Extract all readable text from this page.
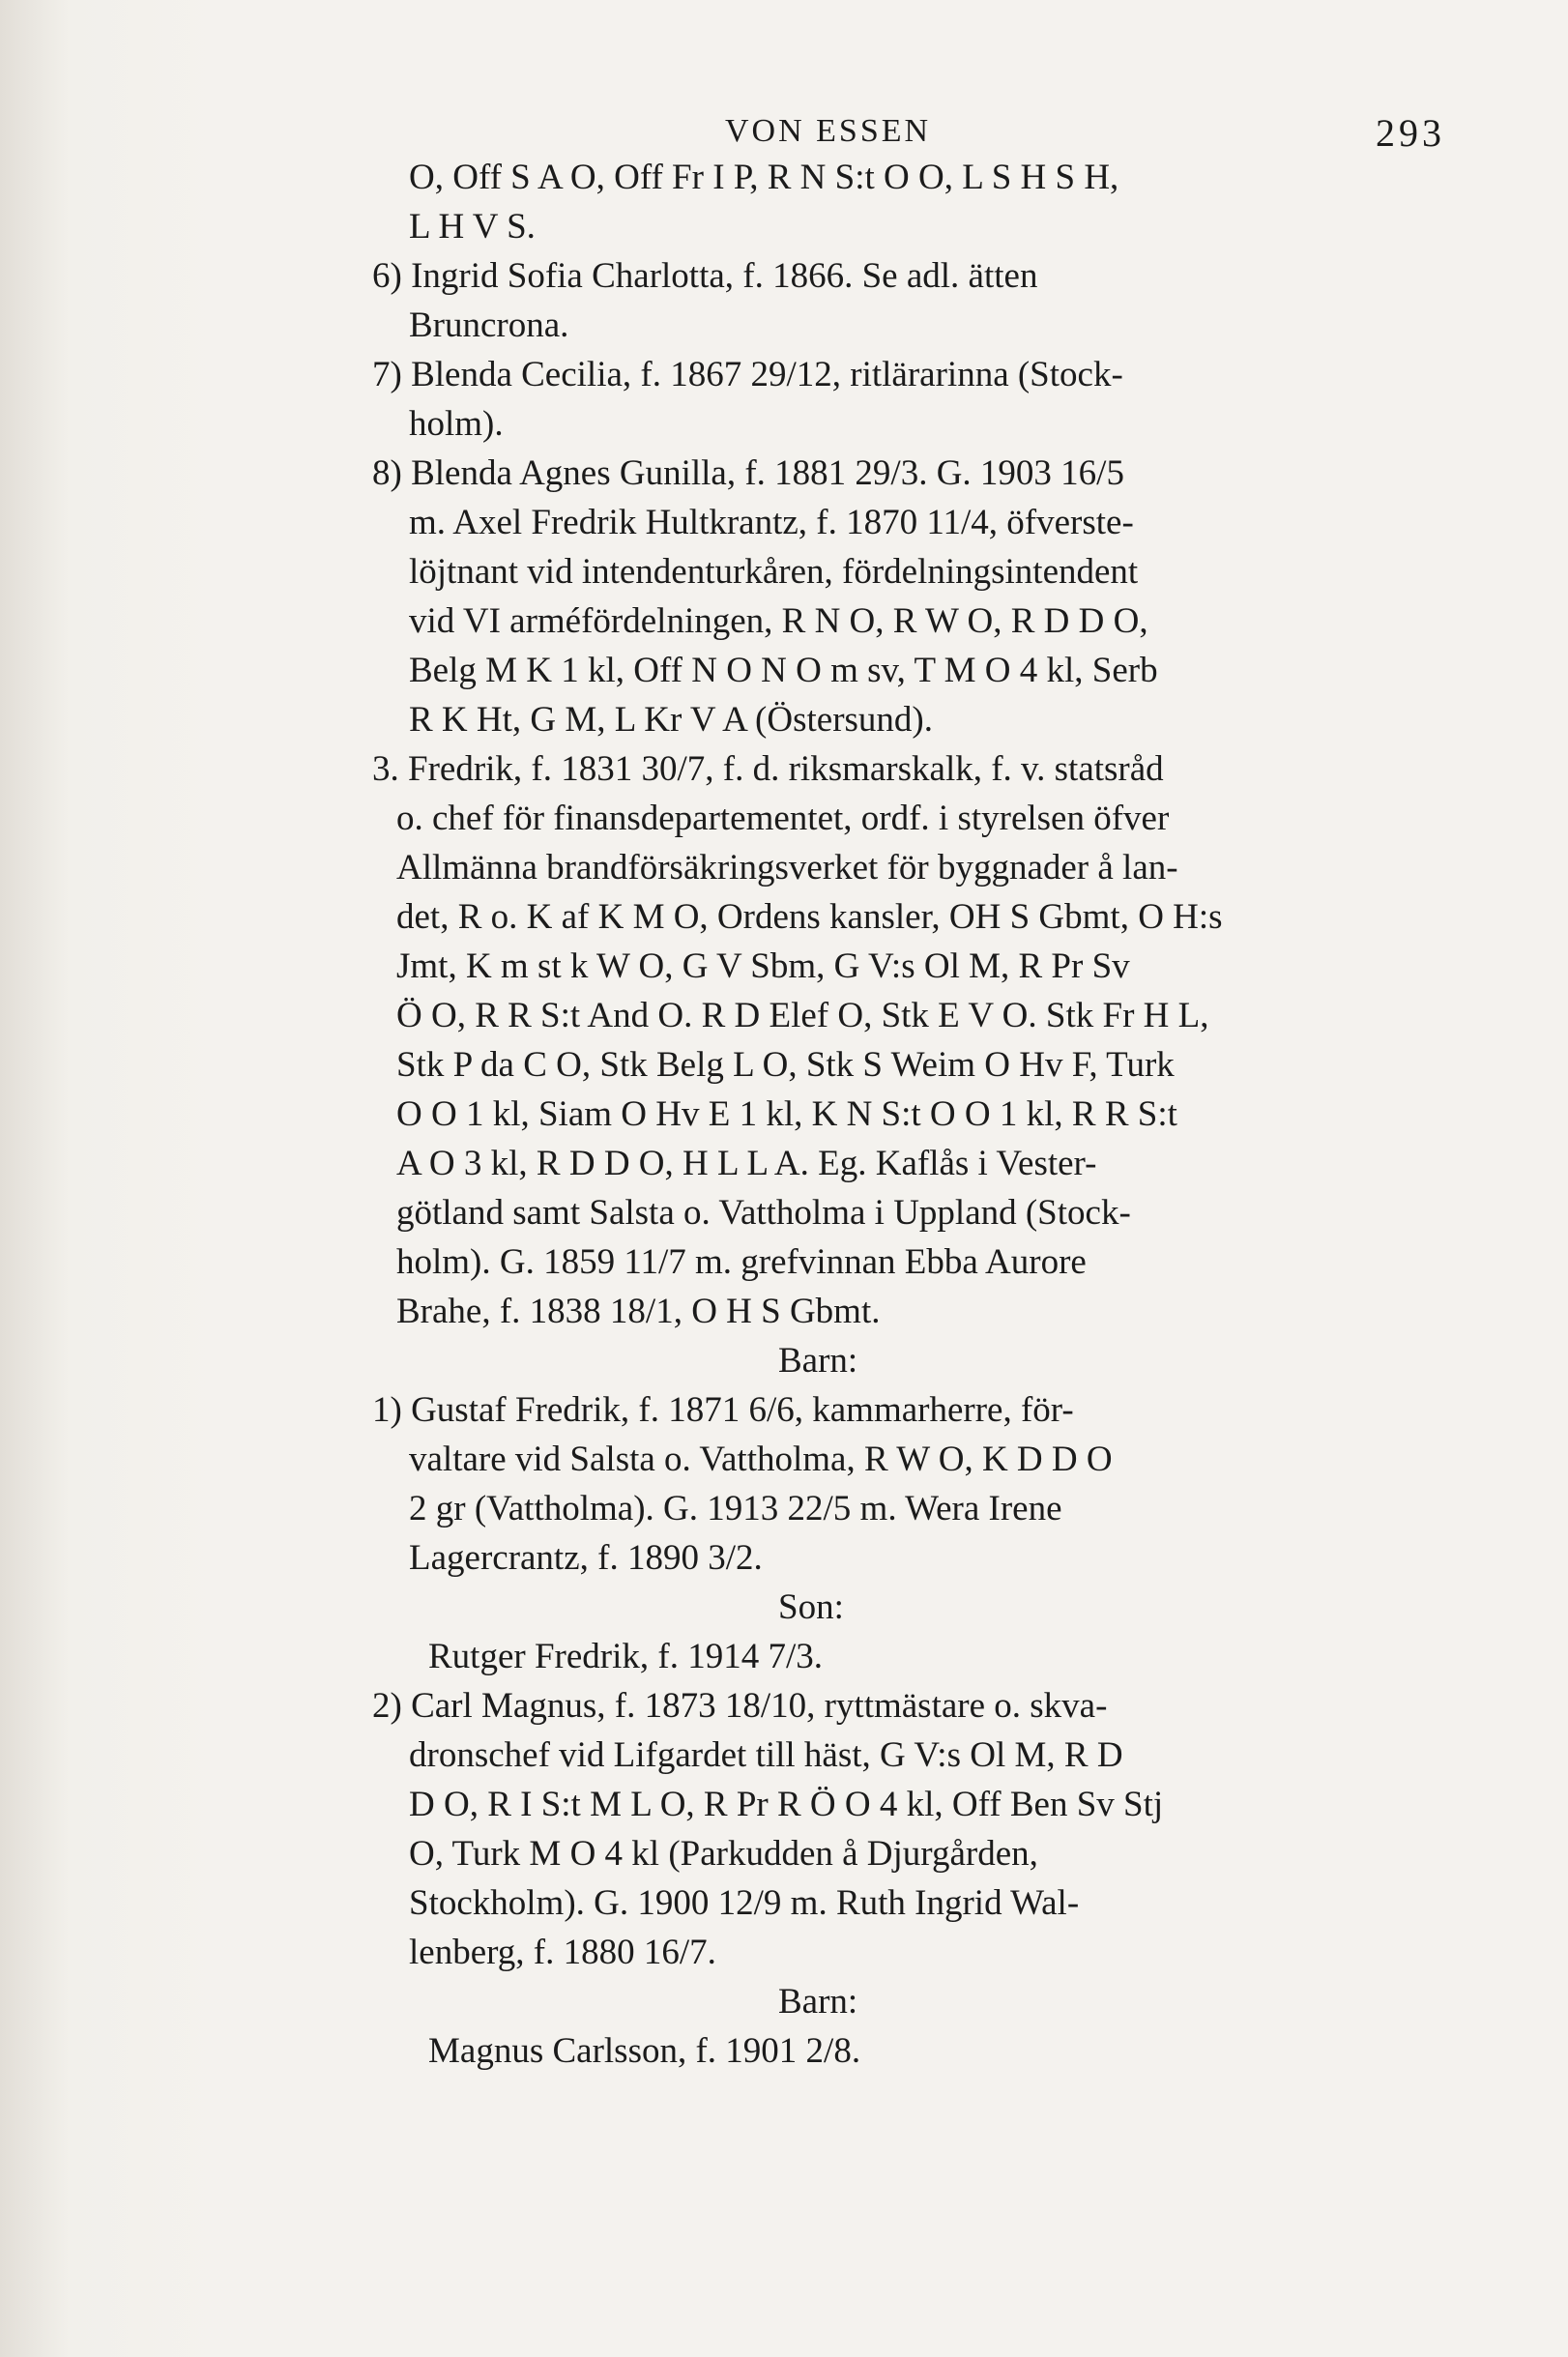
VON ESSEN	293

O, Off S A O, Off Fr I P, R N S:t O O, L S H S H,

L H V S.

6) Ingrid Sofia Charlotta, f. 1866. Se adl. ätten

Bruncrona.

7) Blenda Cecilia, f. 1867 29/12, ritlärarinna (Stock-

holm).

8) Blenda Agnes Gunilla, f. 1881 29/3. G. 1903 16/5

m. Axel Fredrik Hultkrantz, f. 1870 11/4, öfverste-

löjtnant vid intendenturkåren, fördelningsintendent

vid VI arméfördelningen, R N O, R W O, R D D O,

Belg M K 1 kl, Off N O N O m sv, T M O 4 kl, Serb

R K Ht, G M, L Kr V A (Östersund).

3. Fredrik, f. 1831 30/7, f. d. riksmarskalk, f. v. statsråd

o. chef för finansdepartementet, ordf. i styrelsen öfver

Allmänna brandförsäkringsverket för byggnader å lan-

det, R o. K af K M O, Ordens kansler, OH S Gbmt, O H:s

Jmt, K m st k W O, G V Sbm, G V:s Ol M, R Pr Sv

Ö O, R R S:t And O. R D Elef O, Stk E V O. Stk Fr H L,

Stk P da C O, Stk Belg L O, Stk S Weim O Hv F, Turk

O O 1 kl, Siam O Hv E 1 kl, K N S:t O O 1 kl, R R S:t

A O 3 kl, R D D O, H L L A. Eg. Kaflås i Vester-

götland samt Salsta o. Vattholma i Uppland (Stock-

holm). G. 1859 11/7 m. grefvinnan Ebba Aurore

Brahe, f. 1838 18/1, O H S Gbmt.

Barn:

1) Gustaf Fredrik, f. 1871 6/6, kammarherre, för-

valtare vid Salsta o. Vattholma, R W O, K D D O

2 gr (Vattholma). G. 1913 22/5 m. Wera Irene

Lagercrantz, f. 1890 3/2.

Son:

Rutger Fredrik, f. 1914 7/3.

2) Carl Magnus, f. 1873 18/10, ryttmästare o. skva-

dronschef vid Lifgardet till häst, G V:s Ol M, R D

D O, R I S:t M L O, R Pr R Ö O 4 kl, Off Ben Sv Stj

O, Turk M O 4 kl (Parkudden å Djurgården,

Stockholm). G. 1900 12/9 m. Ruth Ingrid Wal-

lenberg, f. 1880 16/7.

Barn:

Magnus Carlsson, f. 1901 2/8.
